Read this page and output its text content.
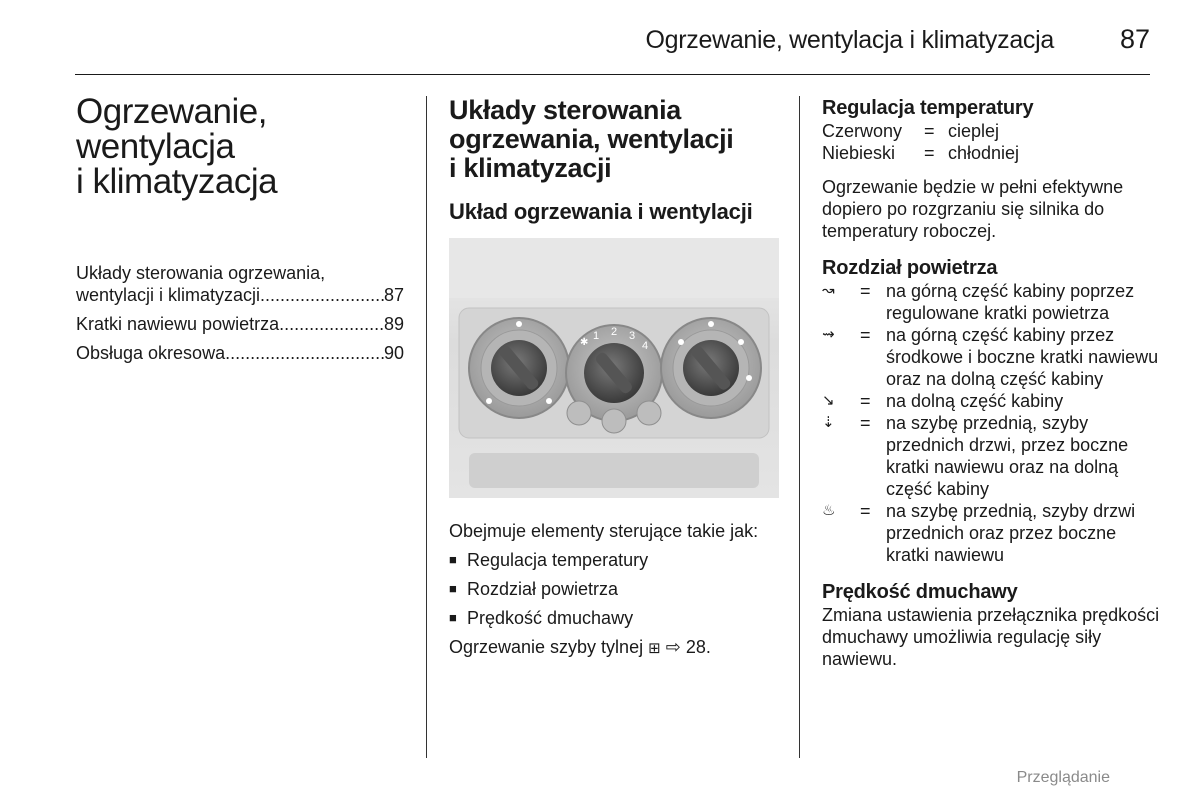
Ogrzewanie, wentylacja i klimatyzacja 87
Ogrzewanie,
wentylacja
i klimatyzacja
Układy sterowania ogrzewania,
wentylacji i klimatyzacji .....	87
Kratki nawiewu powietrza .....	89
Obsługa okresowa .....	90
Układy sterowania
ogrzewania, wentylacji
i klimatyzacji
Układ ogrzewania i wentylacji
✱
1 2 3
4
Obejmuje elementy sterujące takie jak:
■ Regulacja temperatury
■ Rozdział powietrza
■ Prędkość dmuchawy
Ogrzewanie szyby tylnej ⊞ ⇨ 28.
Regulacja temperatury
Czerwony	= cieplej
Niebieski	= chłodniej
Ogrzewanie będzie w pełni efektywne dopiero po rozgrzaniu się silnika do temperatury roboczej.
Rozdział powietrza
↝	= na górną część kabiny poprzez regulowane kratki powietrza
⇝	= na górną część kabiny przez środkowe i boczne kratki nawiewu oraz na dolną część kabiny
↘	= na dolną część kabiny
⇣	= na szybę przednią, szyby przednich drzwi, przez boczne kratki nawiewu oraz na dolną część kabiny
♨	= na szybę przednią, szyby drzwi przednich oraz przez boczne kratki nawiewu
Prędkość dmuchawy
Zmiana ustawienia przełącznika prędkości dmuchawy umożliwia regulację siły nawiewu.
Przeglądanie
